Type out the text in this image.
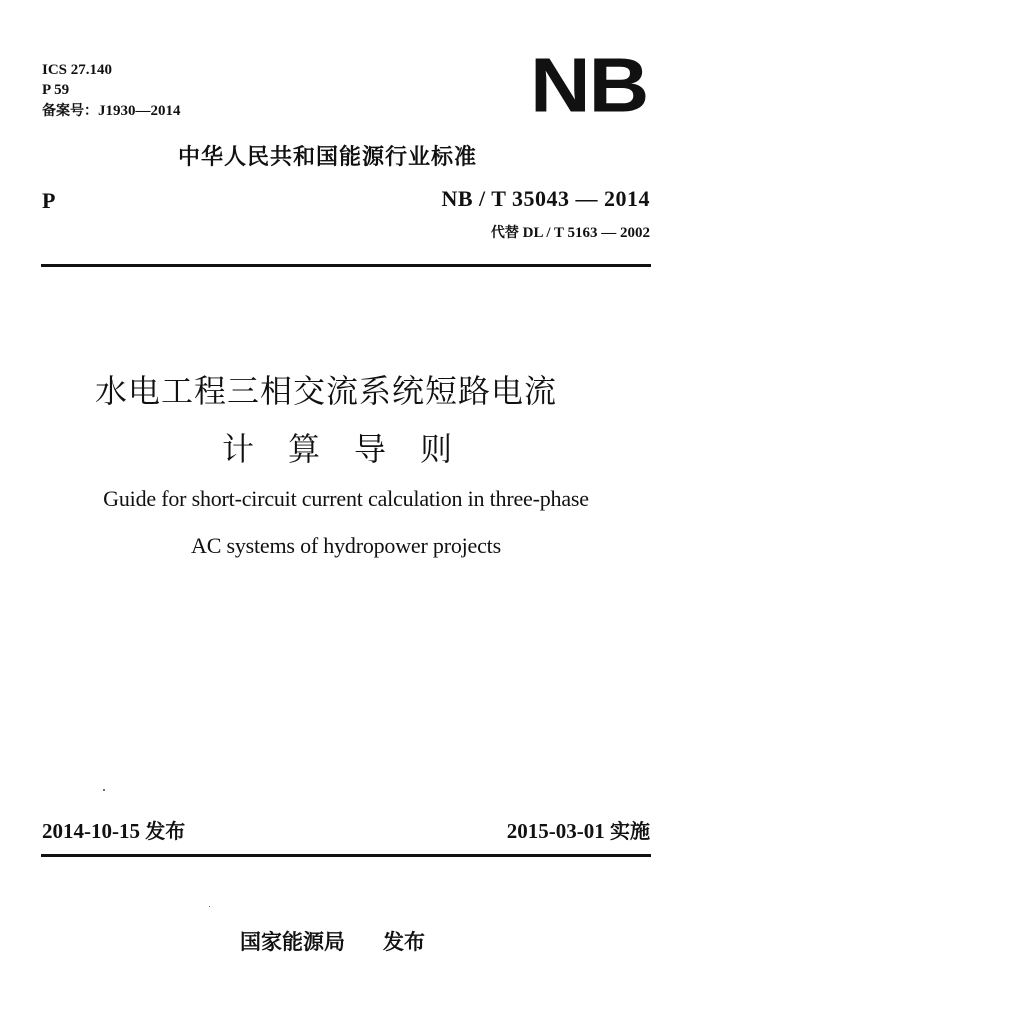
ICS 27.140
P 59
备案号：J1930—2014	NB
中华人民共和国能源行业标准
P	NB / T 35043 — 2014
代替 DL / T 5163 — 2002
水电工程三相交流系统短路电流
计算导则
Guide for short-circuit current calculation in three-phase
AC systems of hydropower projects
2014-10-15 发布	2015-03-01 实施
国家能源局 发布
